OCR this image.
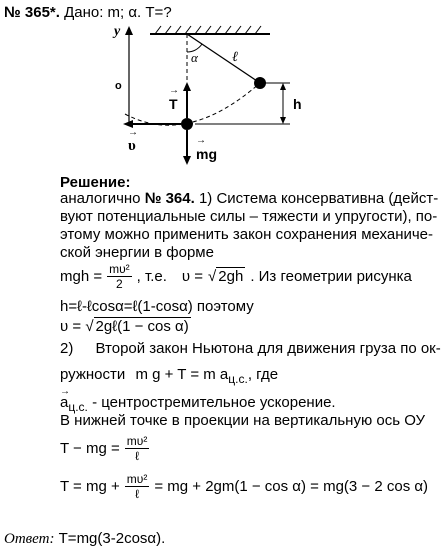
№ 365*. Дано: m; α. T=?
y
o
α ℓ
→ T	h
→ υ
→	mg
Решение:
аналогично № 364. 1) Система консервативна (дейст-
вуют потенциальные силы – тяжести и упругости), по-
этому можно применить закон сохранения механиче-
ской энергии в форме
mgh = $\frac{\text{mυ²}}{2}$ , т.е. υ = √ 2gh . Из геометрии рисунка
h=ℓ-ℓcosα=ℓ(1-cosα) поэтому
υ = √ 2gℓ(1 − cos α)
2) Второй закон Ньютона для движения груза по ок-
ружности m g + T = m $a_{ц.с.}$, где
→ $a_{ц.с.}$ - центростремительное ускорение.
В нижней точке в проекции на вертикальную ось ОУ
T − mg = $\frac{\text{mυ²}}{\text{ℓ}}$
T = mg + $\frac{\text{mυ²}}{\text{ℓ}}$ = mg + 2gm(1 − cos α) = mg(3 − 2 cos α)
Ответ: T=mg(3-2cosα).
